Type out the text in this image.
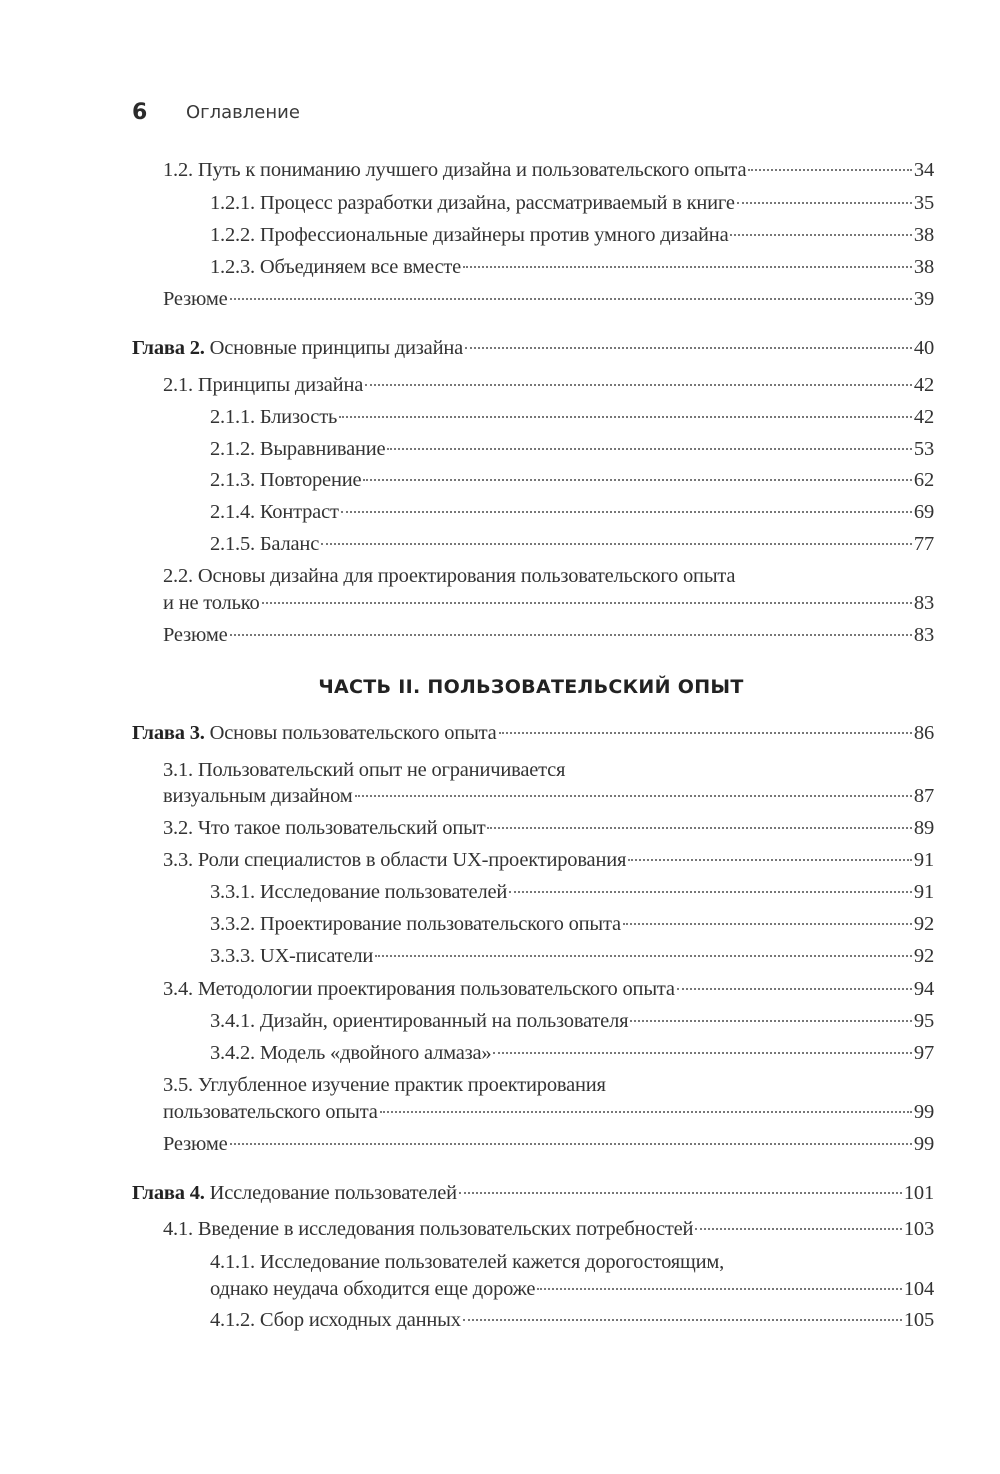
6	Оглавление
1.2. Путь к пониманию лучшего дизайна и пользовательского опыта	34
1.2.1. Процесс разработки дизайна, рассматриваемый в книге	35
1.2.2. Профессиональные дизайнеры против умного дизайна	38
1.2.3. Объединяем все вместе	38
Резюме	39
Глава 2. Основные принципы дизайна	40
2.1. Принципы дизайна	42
2.1.1. Близость	42
2.1.2. Выравнивание	53
2.1.3. Повторение	62
2.1.4. Контраст	69
2.1.5. Баланс	77
2.2. Основы дизайна для проектирования пользовательского опыта
и не только	83
Резюме	83
ЧАСТЬ II. ПОЛЬЗОВАТЕЛЬСКИЙ ОПЫТ
Глава 3. Основы пользовательского опыта	86
3.1. Пользовательский опыт не ограничивается
визуальным дизайном	87
3.2. Что такое пользовательский опыт	89
3.3. Роли специалистов в области UX-проектирования	91
3.3.1. Исследование пользователей	91
3.3.2. Проектирование пользовательского опыта	92
3.3.3. UX-писатели	92
3.4. Методологии проектирования пользовательского опыта	94
3.4.1. Дизайн, ориентированный на пользователя	95
3.4.2. Модель «двойного алмаза»	97
3.5. Углубленное изучение практик проектирования
пользовательского опыта	99
Резюме	99
Глава 4. Исследование пользователей	101
4.1. Введение в исследования пользовательских потребностей	103
4.1.1. Исследование пользователей кажется дорогостоящим,
однако неудача обходится еще дороже	104
4.1.2. Сбор исходных данных	105
